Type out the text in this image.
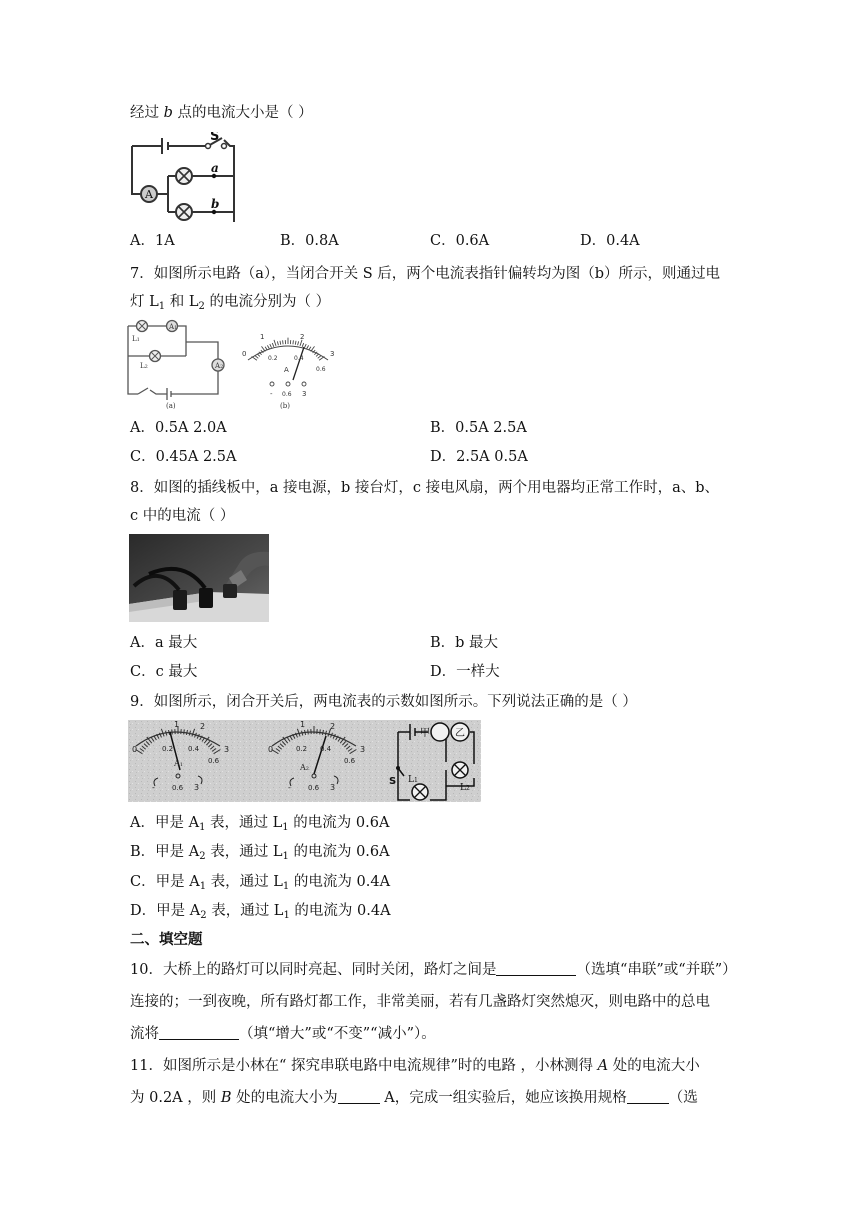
经过 b 点的电流大小是（ ）
A
S
a
b
A．1A	B．0.8A	C．0.6A	D．0.4A
7．如图所示电路（a），当闭合开关 S 后，两个电流表指针偏转均为图（b）所示，则通过电
灯 $L_1$ 和 $L_2$ 的电流分别为（ ）
A1
A2
L1
L2
(a)
0
1	2
3
0.2	0.4
0.6
A
- 0.6 3
(b)
A．0.5A 2.0A	B．0.5A 2.5A
C．0.45A 2.5A	D．2.5A 0.5A
8．如图的插线板中，a 接电源，b 接台灯，c 接电风扇，两个用电器均正常工作时，a、b、
c 中的电流（ ）
A．a 最大	B．b 最大
C．c 最大	D．一样大
9．如图所示，闭合开关后，两电流表的示数如图所示。下列说法正确的是（ ）
0
1	2
3
0.2 0.4
0.6
A1
- 0.6 3
0
1	2
3
0.2 0.4
0.6
A2
- 0.6 3
甲	乙
S L1
L2
A．甲是 $A_1$ 表，通过 $L_1$ 的电流为 0.6A
B．甲是 $A_2$ 表，通过 $L_1$ 的电流为 0.6A
C．甲是 $A_1$ 表，通过 $L_1$ 的电流为 0.4A
D．甲是 $A_2$ 表，通过 $L_1$ 的电流为 0.4A
二、填空题
10．大桥上的路灯可以同时亮起、同时关闭，路灯之间是	（选填“串联”或“并联”）
连接的；一到夜晚，所有路灯都工作，非常美丽，若有几盏路灯突然熄灭，则电路中的总电
流将	（填“增大”或“不变”“减小”）。
11．如图所示是小林在“ 探究串联电路中电流规律”时的电路 ，小林测得 A 处的电流大小
为 0.2A ，则 B 处的电流大小为	A，完成一组实验后，她应该换用规格	（选
